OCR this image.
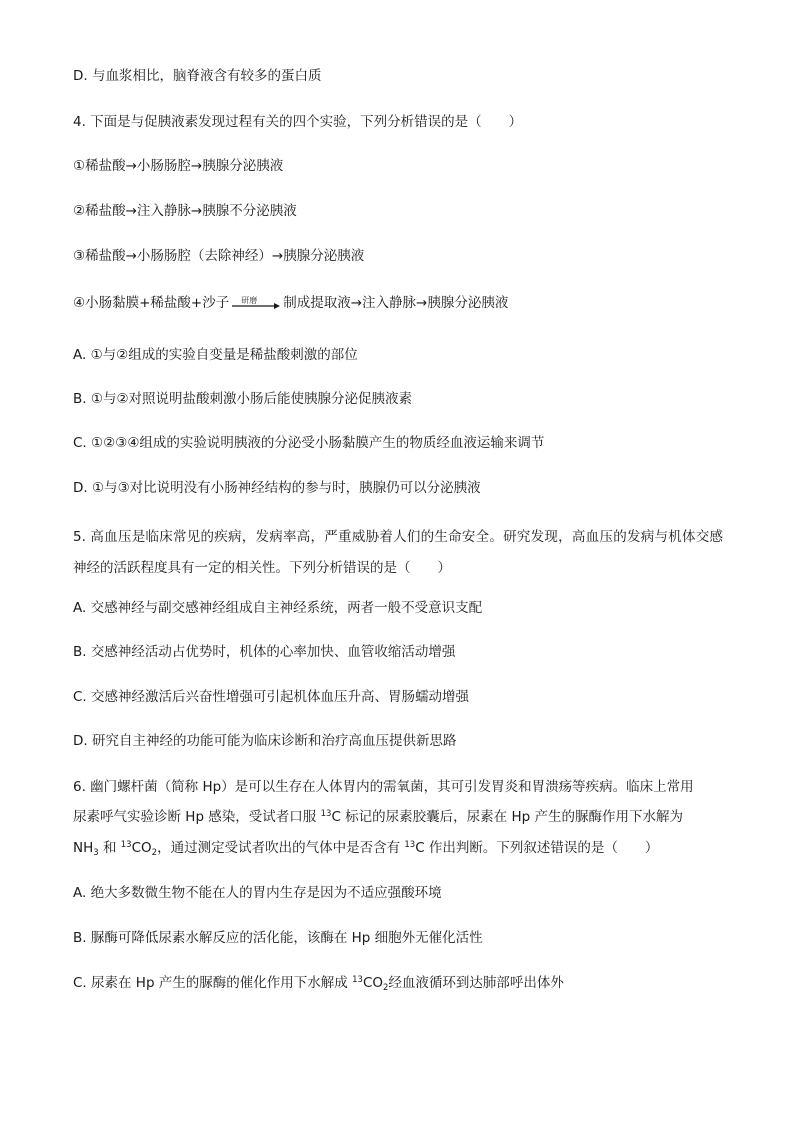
D. 与血浆相比，脑脊液含有较多的蛋白质
4. 下面是与促胰液素发现过程有关的四个实验，下列分析错误的是（　　）
①稀盐酸→小肠肠腔→胰腺分泌胰液
②稀盐酸→注入静脉→胰腺不分泌胰液
③稀盐酸→小肠肠腔（去除神经）→胰腺分泌胰液
④小肠黏膜+稀盐酸+沙子 研磨 制成提取液→注入静脉→胰腺分泌胰液
A. ①与②组成的实验自变量是稀盐酸刺激的部位
B. ①与②对照说明盐酸刺激小肠后能使胰腺分泌促胰液素
C. ①②③④组成的实验说明胰液的分泌受小肠黏膜产生的物质经血液运输来调节
D. ①与③对比说明没有小肠神经结构的参与时，胰腺仍可以分泌胰液
5. 高血压是临床常见的疾病，发病率高，严重威胁着人们的生命安全。研究发现，高血压的发病与机体交感神经的活跃程度具有一定的相关性。下列分析错误的是（　　）
A. 交感神经与副交感神经组成自主神经系统，两者一般不受意识支配
B. 交感神经活动占优势时，机体的心率加快、血管收缩活动增强
C. 交感神经激活后兴奋性增强可引起机体血压升高、胃肠蠕动增强
D. 研究自主神经的功能可能为临床诊断和治疗高血压提供新思路
6. 幽门螺杆菌（简称 Hp）是可以生存在人体胃内的需氧菌，其可引发胃炎和胃溃疡等疾病。临床上常用
尿素呼气实验诊断 Hp 感染，受试者口服 $^{13}$C 标记的尿素胶囊后，尿素在 Hp 产生的脲酶作用下水解为
$NH_3$ 和 $^{13}CO_2$，通过测定受试者吹出的气体中是否含有 $^{13}$C 作出判断。下列叙述错误的是（　　）
A. 绝大多数微生物不能在人的胃内生存是因为不适应强酸环境
B. 脲酶可降低尿素水解反应的活化能，该酶在 Hp 细胞外无催化活性
C. 尿素在 Hp 产生的脲酶的催化作用下水解成 $^{13}CO_2$经血液循环到达肺部呼出体外
